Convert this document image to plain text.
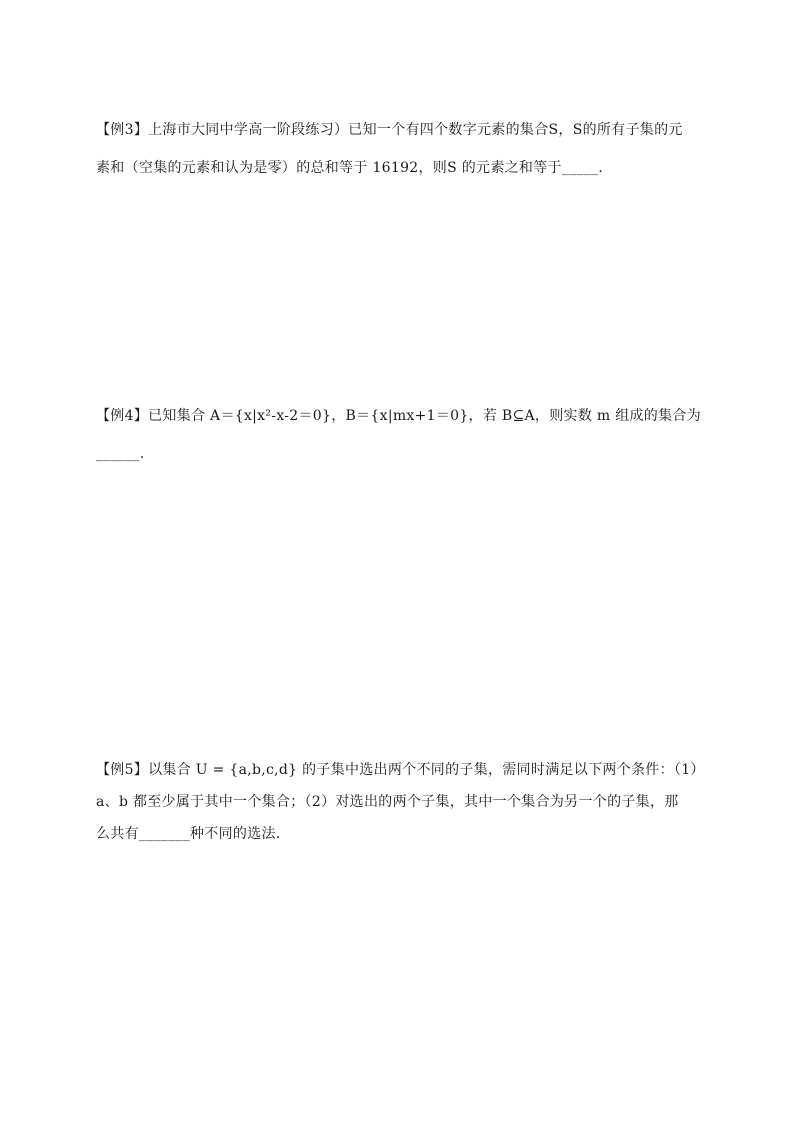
【例3】上海市大同中学高一阶段练习）已知一个有四个数字元素的集合S，S的所有子集的元
素和（空集的元素和认为是零）的总和等于 16192，则S 的元素之和等于_____.
【例4】已知集合 A＝{x|x²-x-2＝0}，B＝{x|mx+1＝0}，若 B⊆A，则实数 m 组成的集合为
______.
【例5】以集合 U = {a,b,c,d} 的子集中选出两个不同的子集，需同时满足以下两个条件：（1）
a、b 都至少属于其中一个集合；（2）对选出的两个子集，其中一个集合为另一个的子集，那
么共有_______种不同的选法.
